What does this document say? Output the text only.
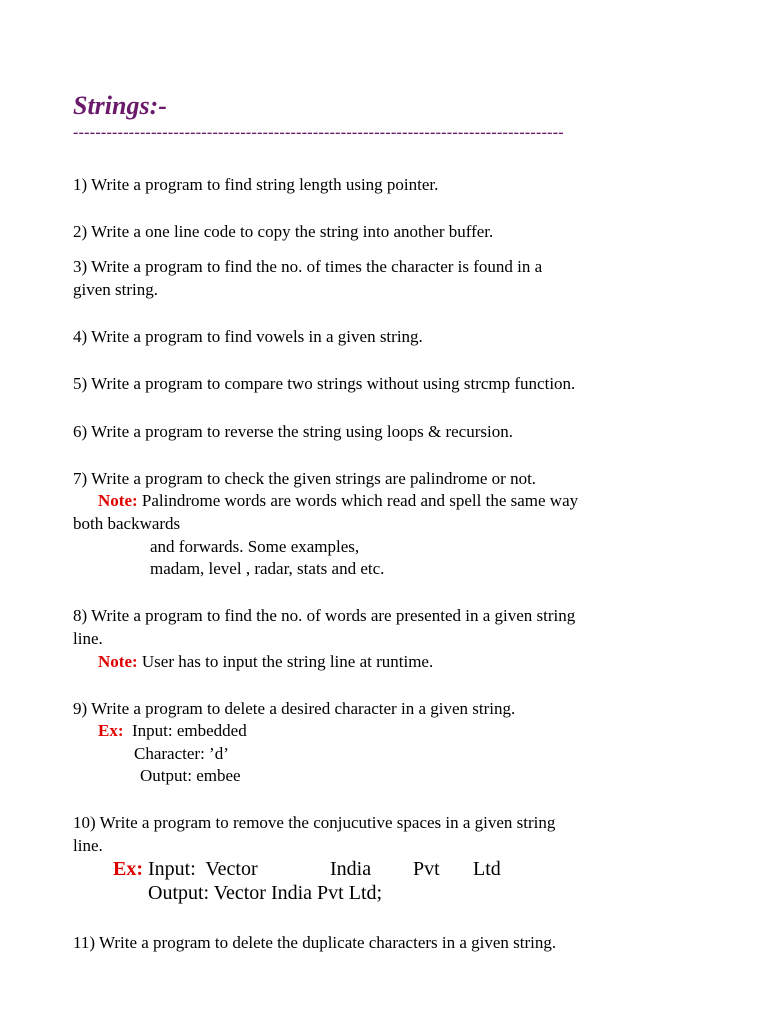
Strings:-
----------------------------------------------------------------------------------------
1) Write a program to find string length using pointer.
2) Write a one line code to copy the string into another buffer.
3) Write a program to find the no. of times the character is found in a
given string.
4) Write a program to find vowels in a given string.
5) Write a program to compare two strings without using strcmp function.
6) Write a program to reverse the string using loops & recursion.
7) Write a program to check the given strings are palindrome or not.
Note: Palindrome words are words which read and spell the same way
both backwards
and forwards. Some examples,
madam, level , radar, stats and etc.
8) Write a program to find the no. of words are presented in a given string
line.
Note: User has to input the string line at runtime.
9) Write a program to delete a desired character in a given string.
Ex:  Input: embedded
Character: ’d’
Output: embee
10) Write a program to remove the conjucutive spaces in a given string
line.
Ex: Input:  Vector	India Pvt Ltd
Output: Vector India Pvt Ltd;
11) Write a program to delete the duplicate characters in a given string.
